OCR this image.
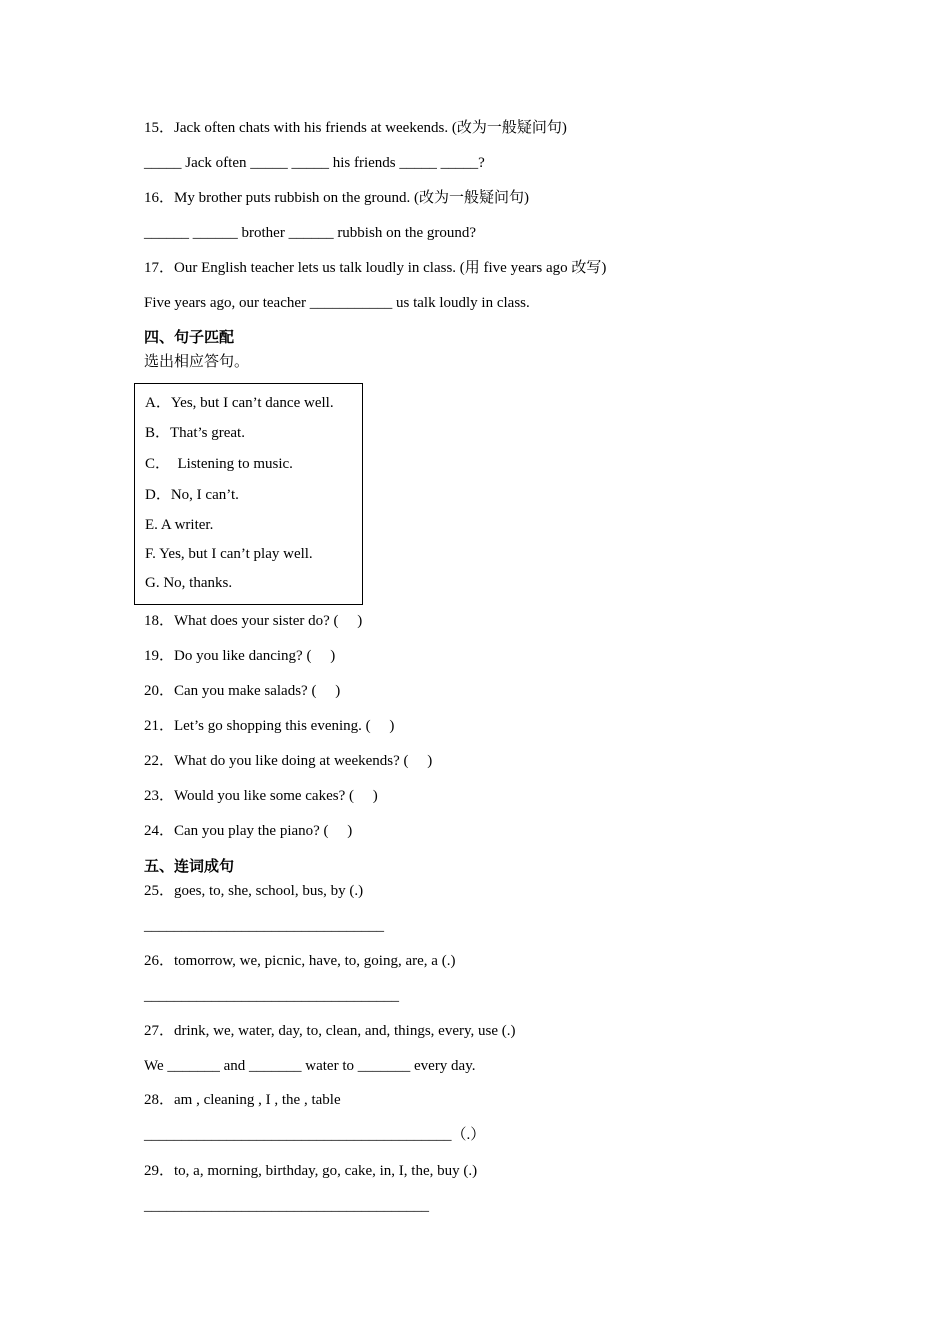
15．Jack often chats with his friends at weekends. (改为一般疑问句)
_____ Jack often _____ _____ his friends _____ _____?
16．My brother puts rubbish on the ground. (改为一般疑问句)
______ ______ brother ______ rubbish on the ground?
17．Our English teacher lets us talk loudly in class. (用 five years ago 改写)
Five years ago, our teacher ___________ us talk loudly in class.
四、句子匹配
选出相应答句。
A．Yes, but I can’t dance well.
B．That’s great.
C．  Listening to music.
D．No, I can’t.
E. A writer.
F. Yes, but I can’t play well.
G. No, thanks.
18．What does your sister do? (     )
19．Do you like dancing? (     )
20．Can you make salads? (     )
21．Let’s go shopping this evening. (     )
22．What do you like doing at weekends? (     )
23．Would you like some cakes? (     )
24．Can you play the piano? (     )
五、连词成句
25．goes, to, she, school, bus, by (.)
________________________________
26．tomorrow, we, picnic, have, to, going, are, a (.)
__________________________________
27．drink, we, water, day, to, clean, and, things, every, use (.)
We _______ and _______ water to _______ every day.
28．am , cleaning , I , the , table
_________________________________________（.）
29．to, a, morning, birthday, go, cake, in, I, the, buy (.)
______________________________________
